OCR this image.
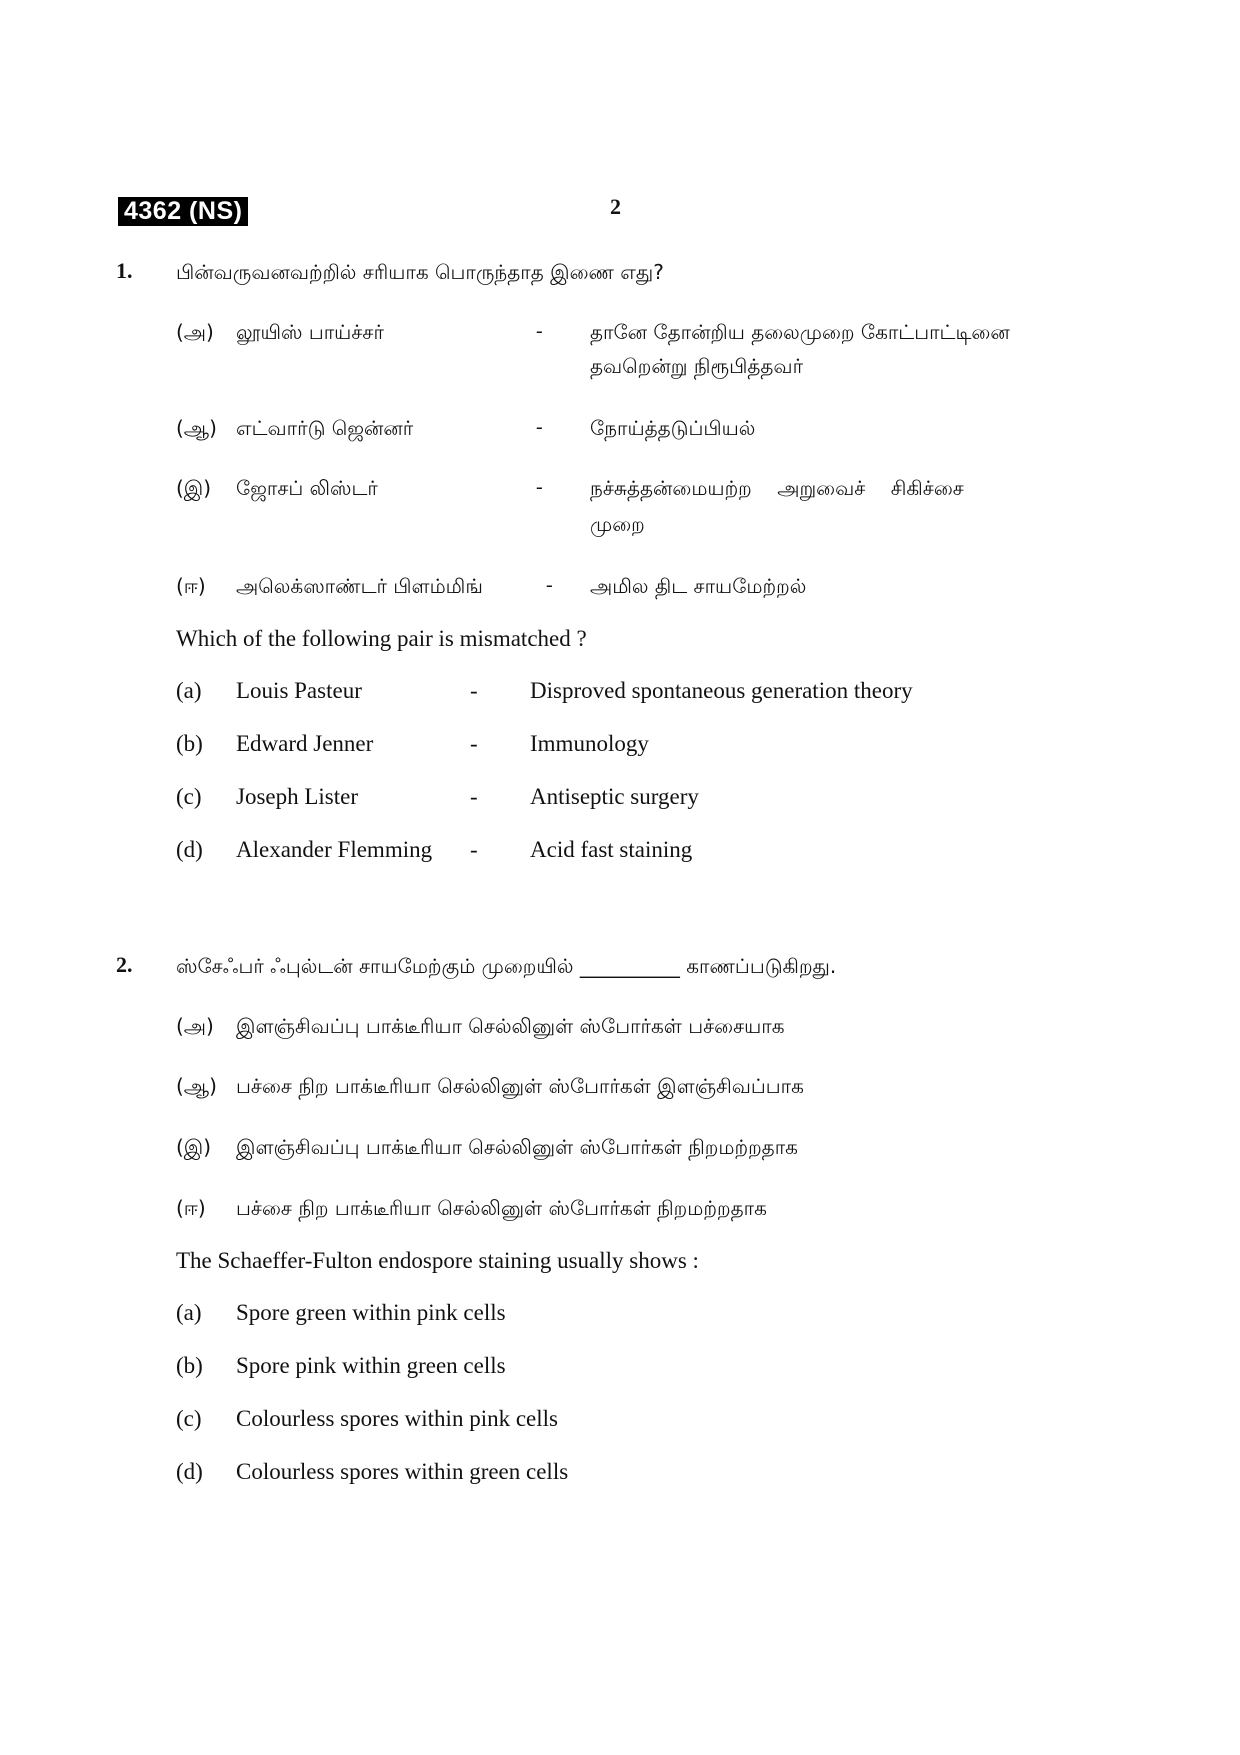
4362 (NS)	2
1. பின்வருவனவற்றில் சரியாக பொருந்தாத இணை எது?
(அ) லூயிஸ் பாய்ச்சர்	- தானே தோன்றிய தலைமுறை கோட்பாட்டினை
தவறென்று நிரூபித்தவர்
(ஆ) எட்வார்டு ஜென்னர்	- நோய்த்தடுப்பியல்
(இ) ஜோசப் லிஸ்டர்	- நச்சுத்தன்மையற்ற    அறுவைச்    சிகிச்சை
முறை
(ஈ) அலெக்ஸாண்டர் பிளம்மிங்	- அமில திட சாயமேற்றல்
Which of the following pair is mismatched ?
(a) Louis Pasteur	- Disproved spontaneous generation theory
(b) Edward Jenner	- Immunology
(c) Joseph Lister	- Antiseptic surgery
(d) Alexander Flemming - Acid fast staining
2. ஸ்சேஃபர் ஃபுல்டன் சாயமேற்கும் முறையில் __________ காணப்படுகிறது.
(அ) இளஞ்சிவப்பு பாக்டீரியா செல்லினுள் ஸ்போர்கள் பச்சையாக
(ஆ) பச்சை நிற பாக்டீரியா செல்லினுள் ஸ்போர்கள் இளஞ்சிவப்பாக
(இ) இளஞ்சிவப்பு பாக்டீரியா செல்லினுள் ஸ்போர்கள் நிறமற்றதாக
(ஈ) பச்சை நிற பாக்டீரியா செல்லினுள் ஸ்போர்கள் நிறமற்றதாக
The Schaeffer-Fulton endospore staining usually shows :
(a) Spore green within pink cells
(b) Spore pink within green cells
(c) Colourless spores within pink cells
(d) Colourless spores within green cells
